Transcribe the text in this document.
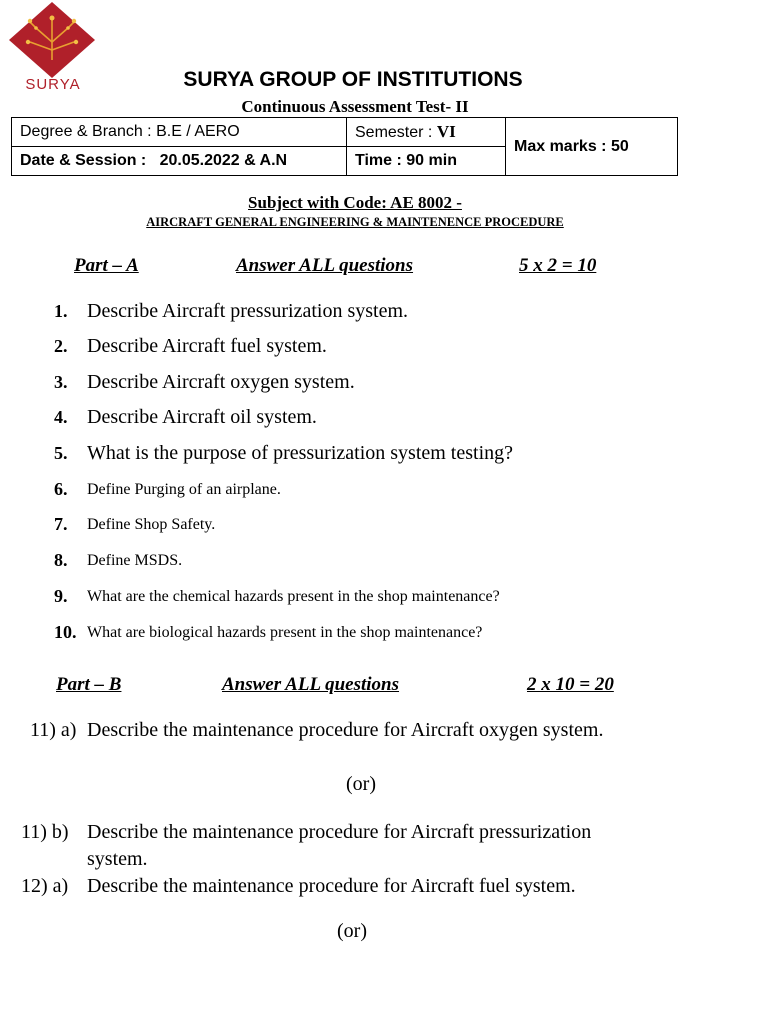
SURYA	SURYA GROUP OF INSTITUTIONS
Continuous Assessment Test- II
Degree & Branch : B.E / AERO	Semester : VI	Max marks : 50
Date & Session :   20.05.2022 & A.N	Time : 90 min	
Subject with Code: AE 8002 -
AIRCRAFT GENERAL ENGINEERING & MAINTENENCE PROCEDURE
Part – A	Answer ALL questions	5 x 2 = 10
1. Describe Aircraft pressurization system.
2. Describe Aircraft fuel system.
3. Describe Aircraft oxygen system.
4. Describe Aircraft oil system.
5. What is the purpose of pressurization system testing?
6. Define Purging of an airplane.
7. Define Shop Safety.
8. Define MSDS.
9. What are the chemical hazards present in the shop maintenance?
10. What are biological hazards present in the shop maintenance?
Part – B	Answer ALL questions	2 x 10 = 20
11) a) Describe the maintenance procedure for Aircraft oxygen system.
(or)
11) b) Describe the maintenance procedure for Aircraft pressurization
system.
12) a) Describe the maintenance procedure for Aircraft fuel system.
(or)
